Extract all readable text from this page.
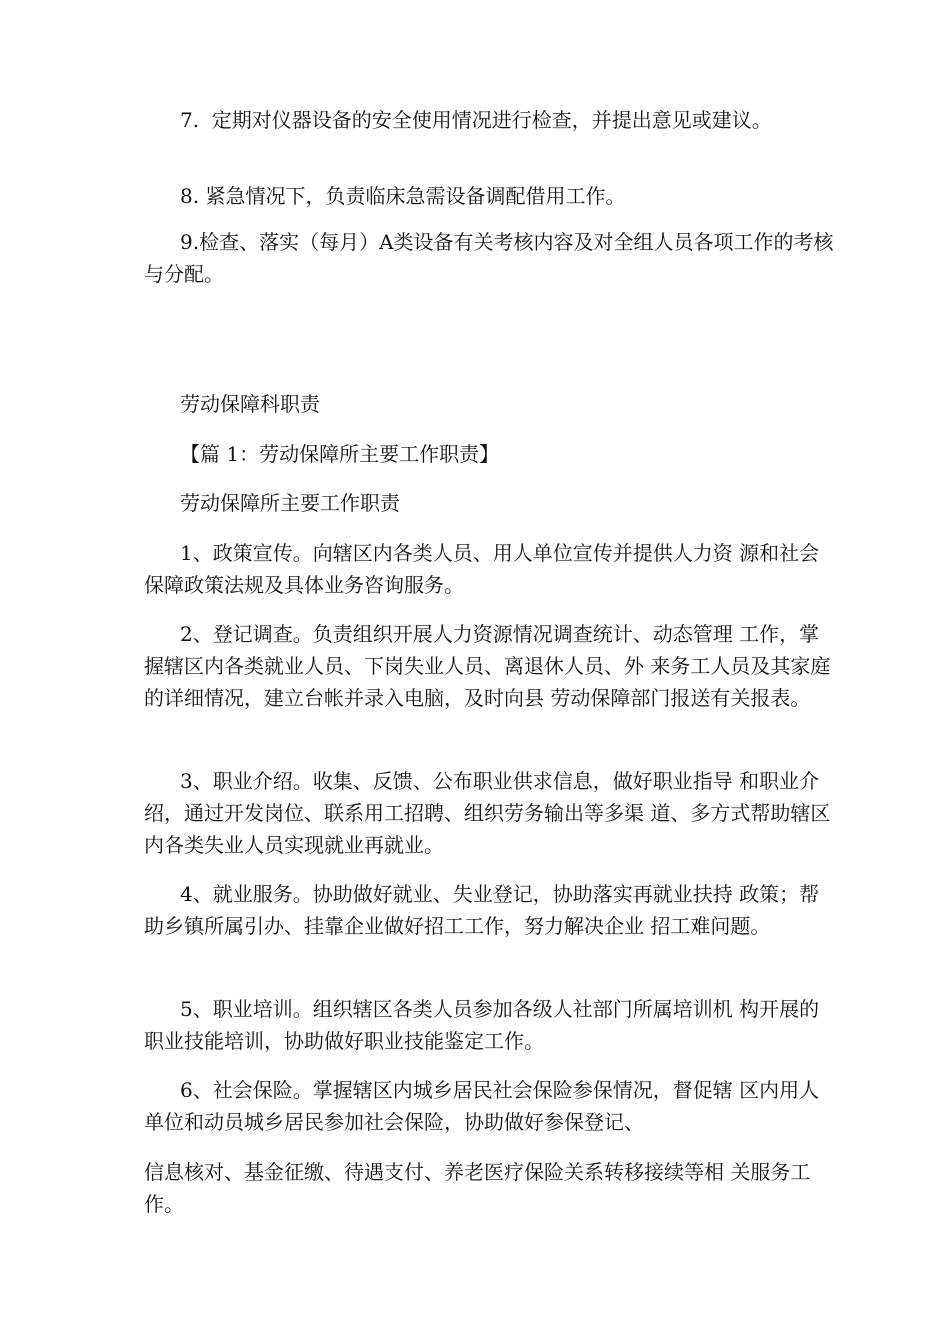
7.  定期对仪器设备的安全使用情况进行检查，并提出意见或建议。

8. 紧急情况下，负责临床急需设备调配借用工作。

9.检查、落实（每月）A类设备有关考核内容及对全组人员各项工作的考核与分配。

劳动保障科职责

【篇 1：劳动保障所主要工作职责】

劳动保障所主要工作职责

1、政策宣传。向辖区内各类人员、用人单位宣传并提供人力资 源和社会保障政策法规及具体业务咨询服务。

2、登记调查。负责组织开展人力资源情况调查统计、动态管理 工作，掌握辖区内各类就业人员、下岗失业人员、离退休人员、外 来务工人员及其家庭的详细情况，建立台帐并录入电脑，及时向县 劳动保障部门报送有关报表。

3、职业介绍。收集、反馈、公布职业供求信息，做好职业指导 和职业介绍，通过开发岗位、联系用工招聘、组织劳务输出等多渠 道、多方式帮助辖区内各类失业人员实现就业再就业。

4、就业服务。协助做好就业、失业登记，协助落实再就业扶持 政策；帮助乡镇所属引办、挂靠企业做好招工工作，努力解决企业 招工难问题。

5、职业培训。组织辖区各类人员参加各级人社部门所属培训机 构开展的职业技能培训，协助做好职业技能鉴定工作。

6、社会保险。掌握辖区内城乡居民社会保险参保情况，督促辖 区内用人单位和动员城乡居民参加社会保险，协助做好参保登记、

信息核对、基金征缴、待遇支付、养老医疗保险关系转移接续等相 关服务工作。
